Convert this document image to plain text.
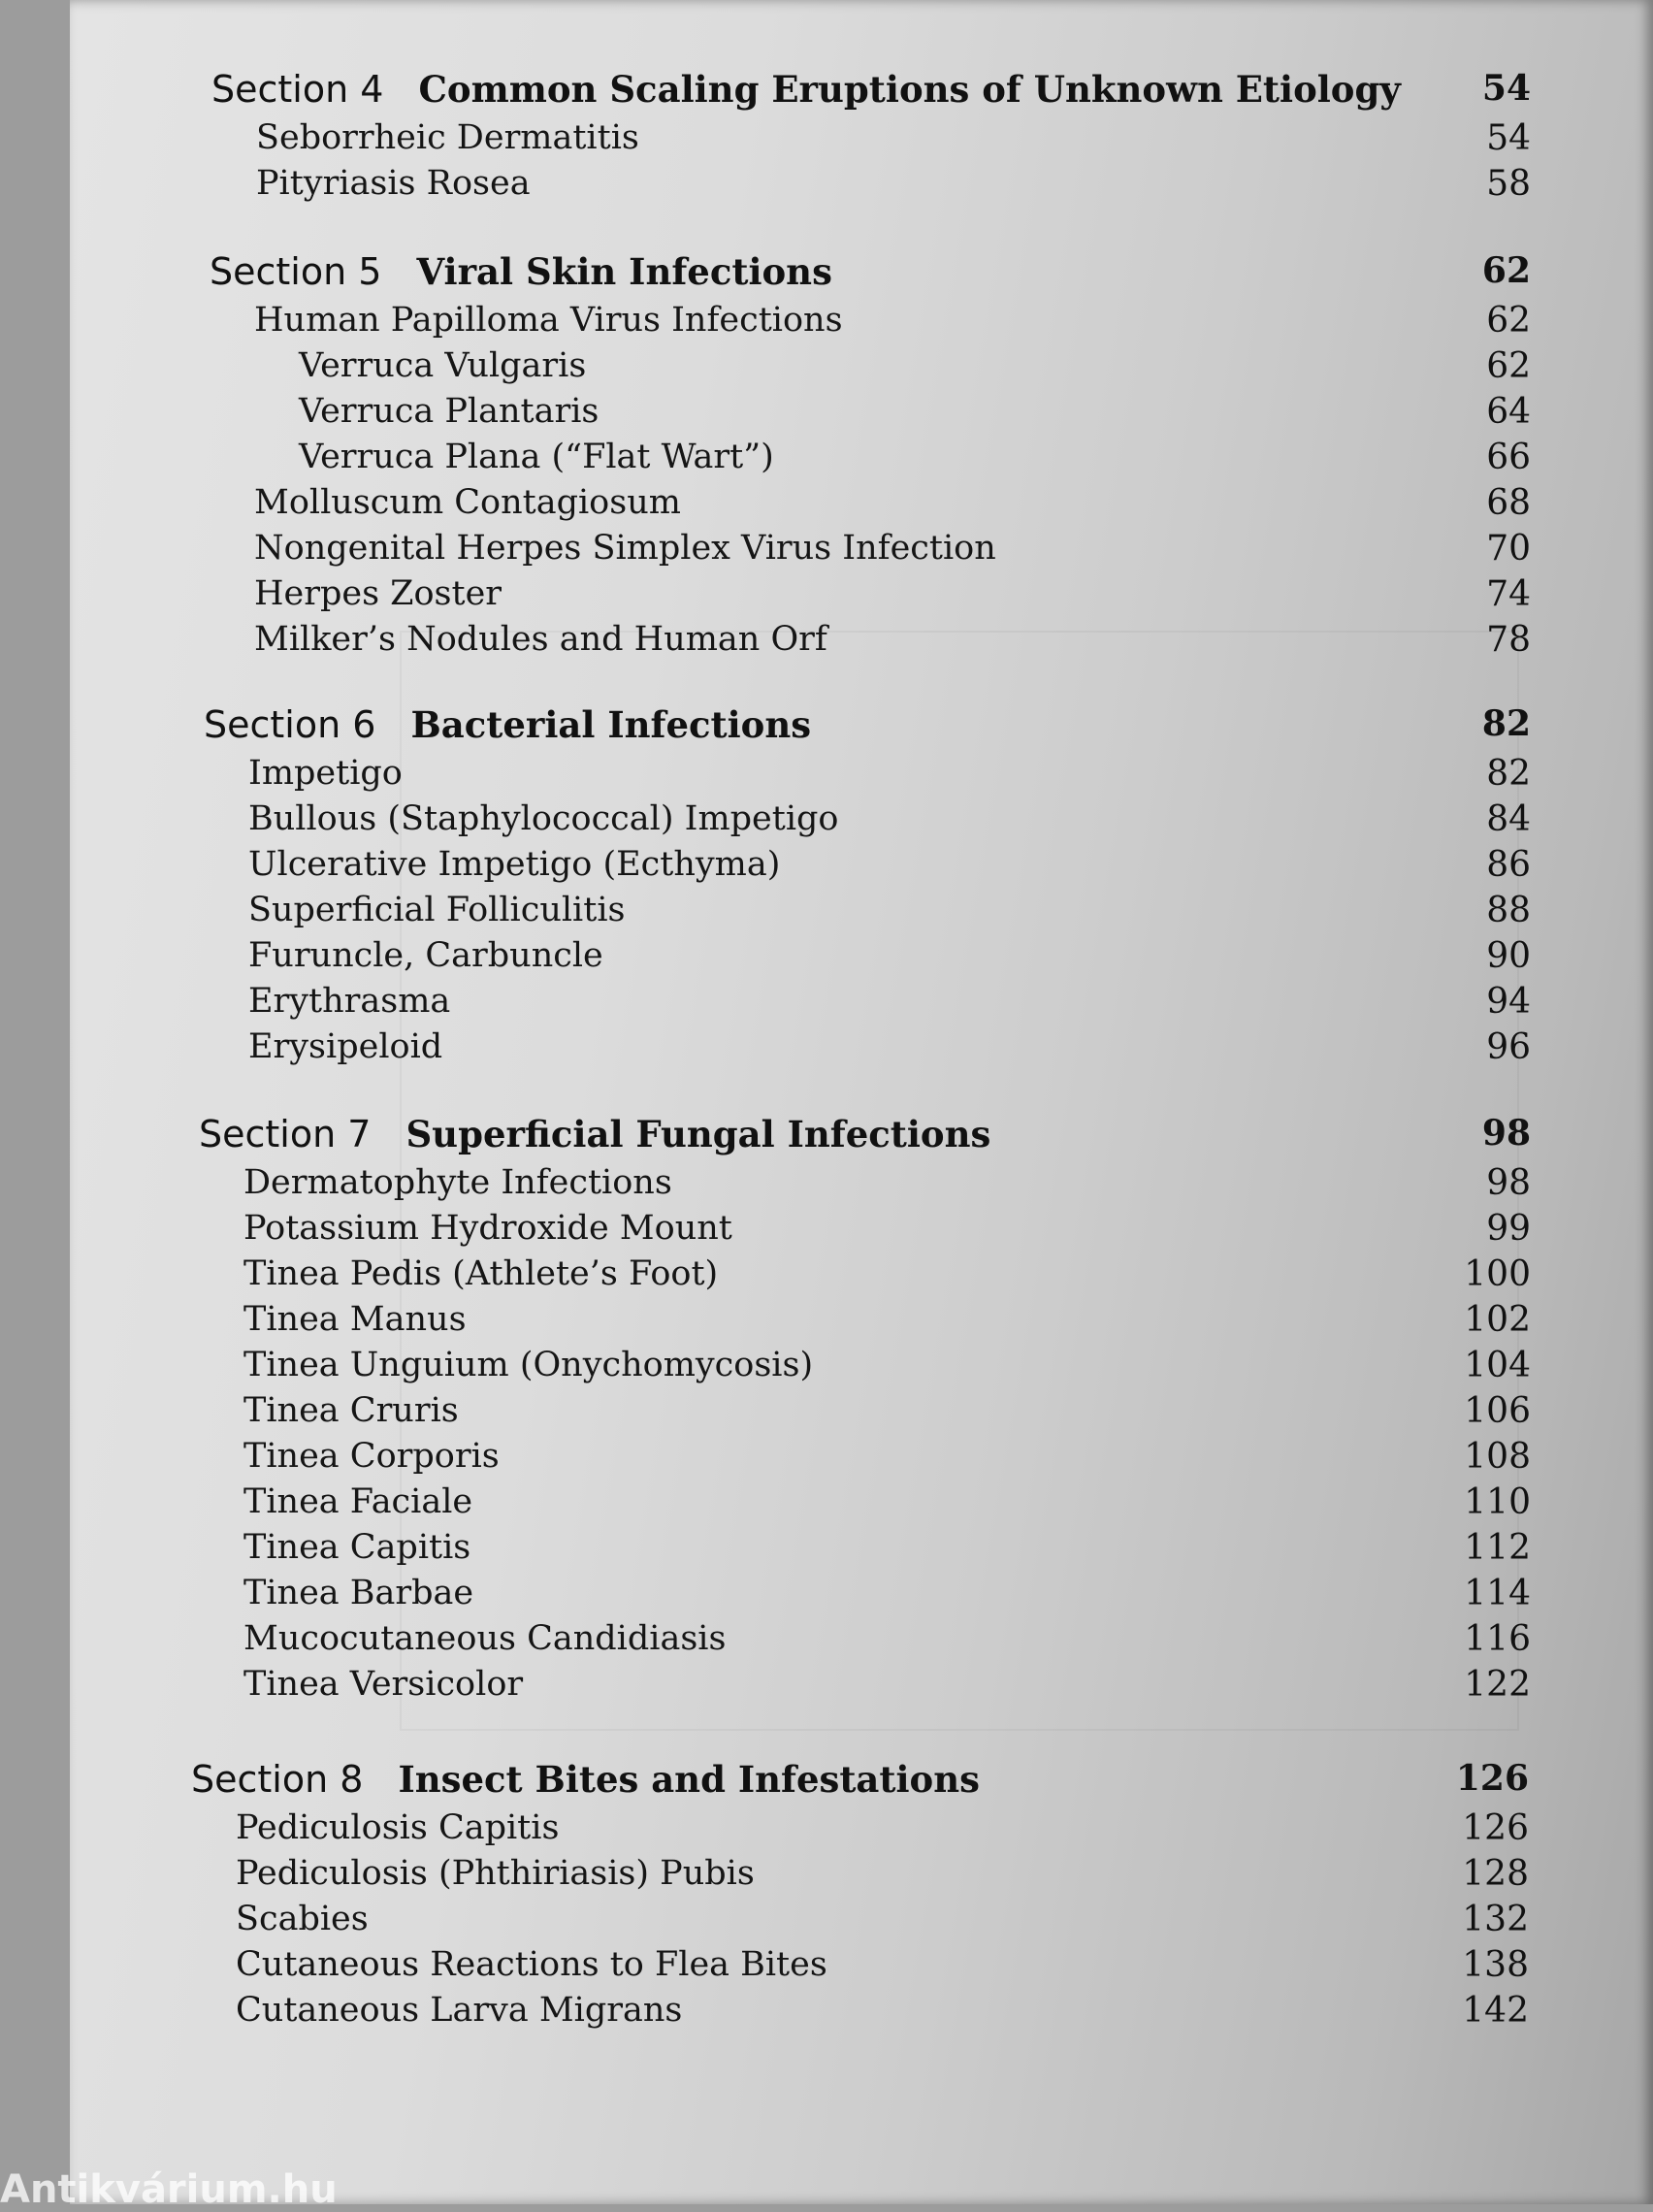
Section 4 Common Scaling Eruptions of Unknown Etiology 54
Seborrheic Dermatitis	54
Pityriasis Rosea	58
Section 5 Viral Skin Infections	62
Human Papilloma Virus Infections	62
Verruca Vulgaris	62
Verruca Plantaris	64
Verruca Plana (“Flat Wart”)	66
Molluscum Contagiosum	68
Nongenital Herpes Simplex Virus Infection	70
Herpes Zoster	74
Milker’s Nodules and Human Orf	78
Section 6 Bacterial Infections	82
Impetigo	82
Bullous (Staphylococcal) Impetigo	84
Ulcerative Impetigo (Ecthyma)	86
Superficial Folliculitis	88
Furuncle, Carbuncle	90
Erythrasma	94
Erysipeloid	96
Section 7 Superficial Fungal Infections	98
Dermatophyte Infections	98
Potassium Hydroxide Mount	99
Tinea Pedis (Athlete’s Foot)	100
Tinea Manus	102
Tinea Unguium (Onychomycosis)	104
Tinea Cruris	106
Tinea Corporis	108
Tinea Faciale	110
Tinea Capitis	112
Tinea Barbae	114
Mucocutaneous Candidiasis	116
Tinea Versicolor	122
Section 8 Insect Bites and Infestations	126
Pediculosis Capitis	126
Pediculosis (Phthiriasis) Pubis	128
Scabies	132
Cutaneous Reactions to Flea Bites	138
Cutaneous Larva Migrans	142
Antikvárium.hu
